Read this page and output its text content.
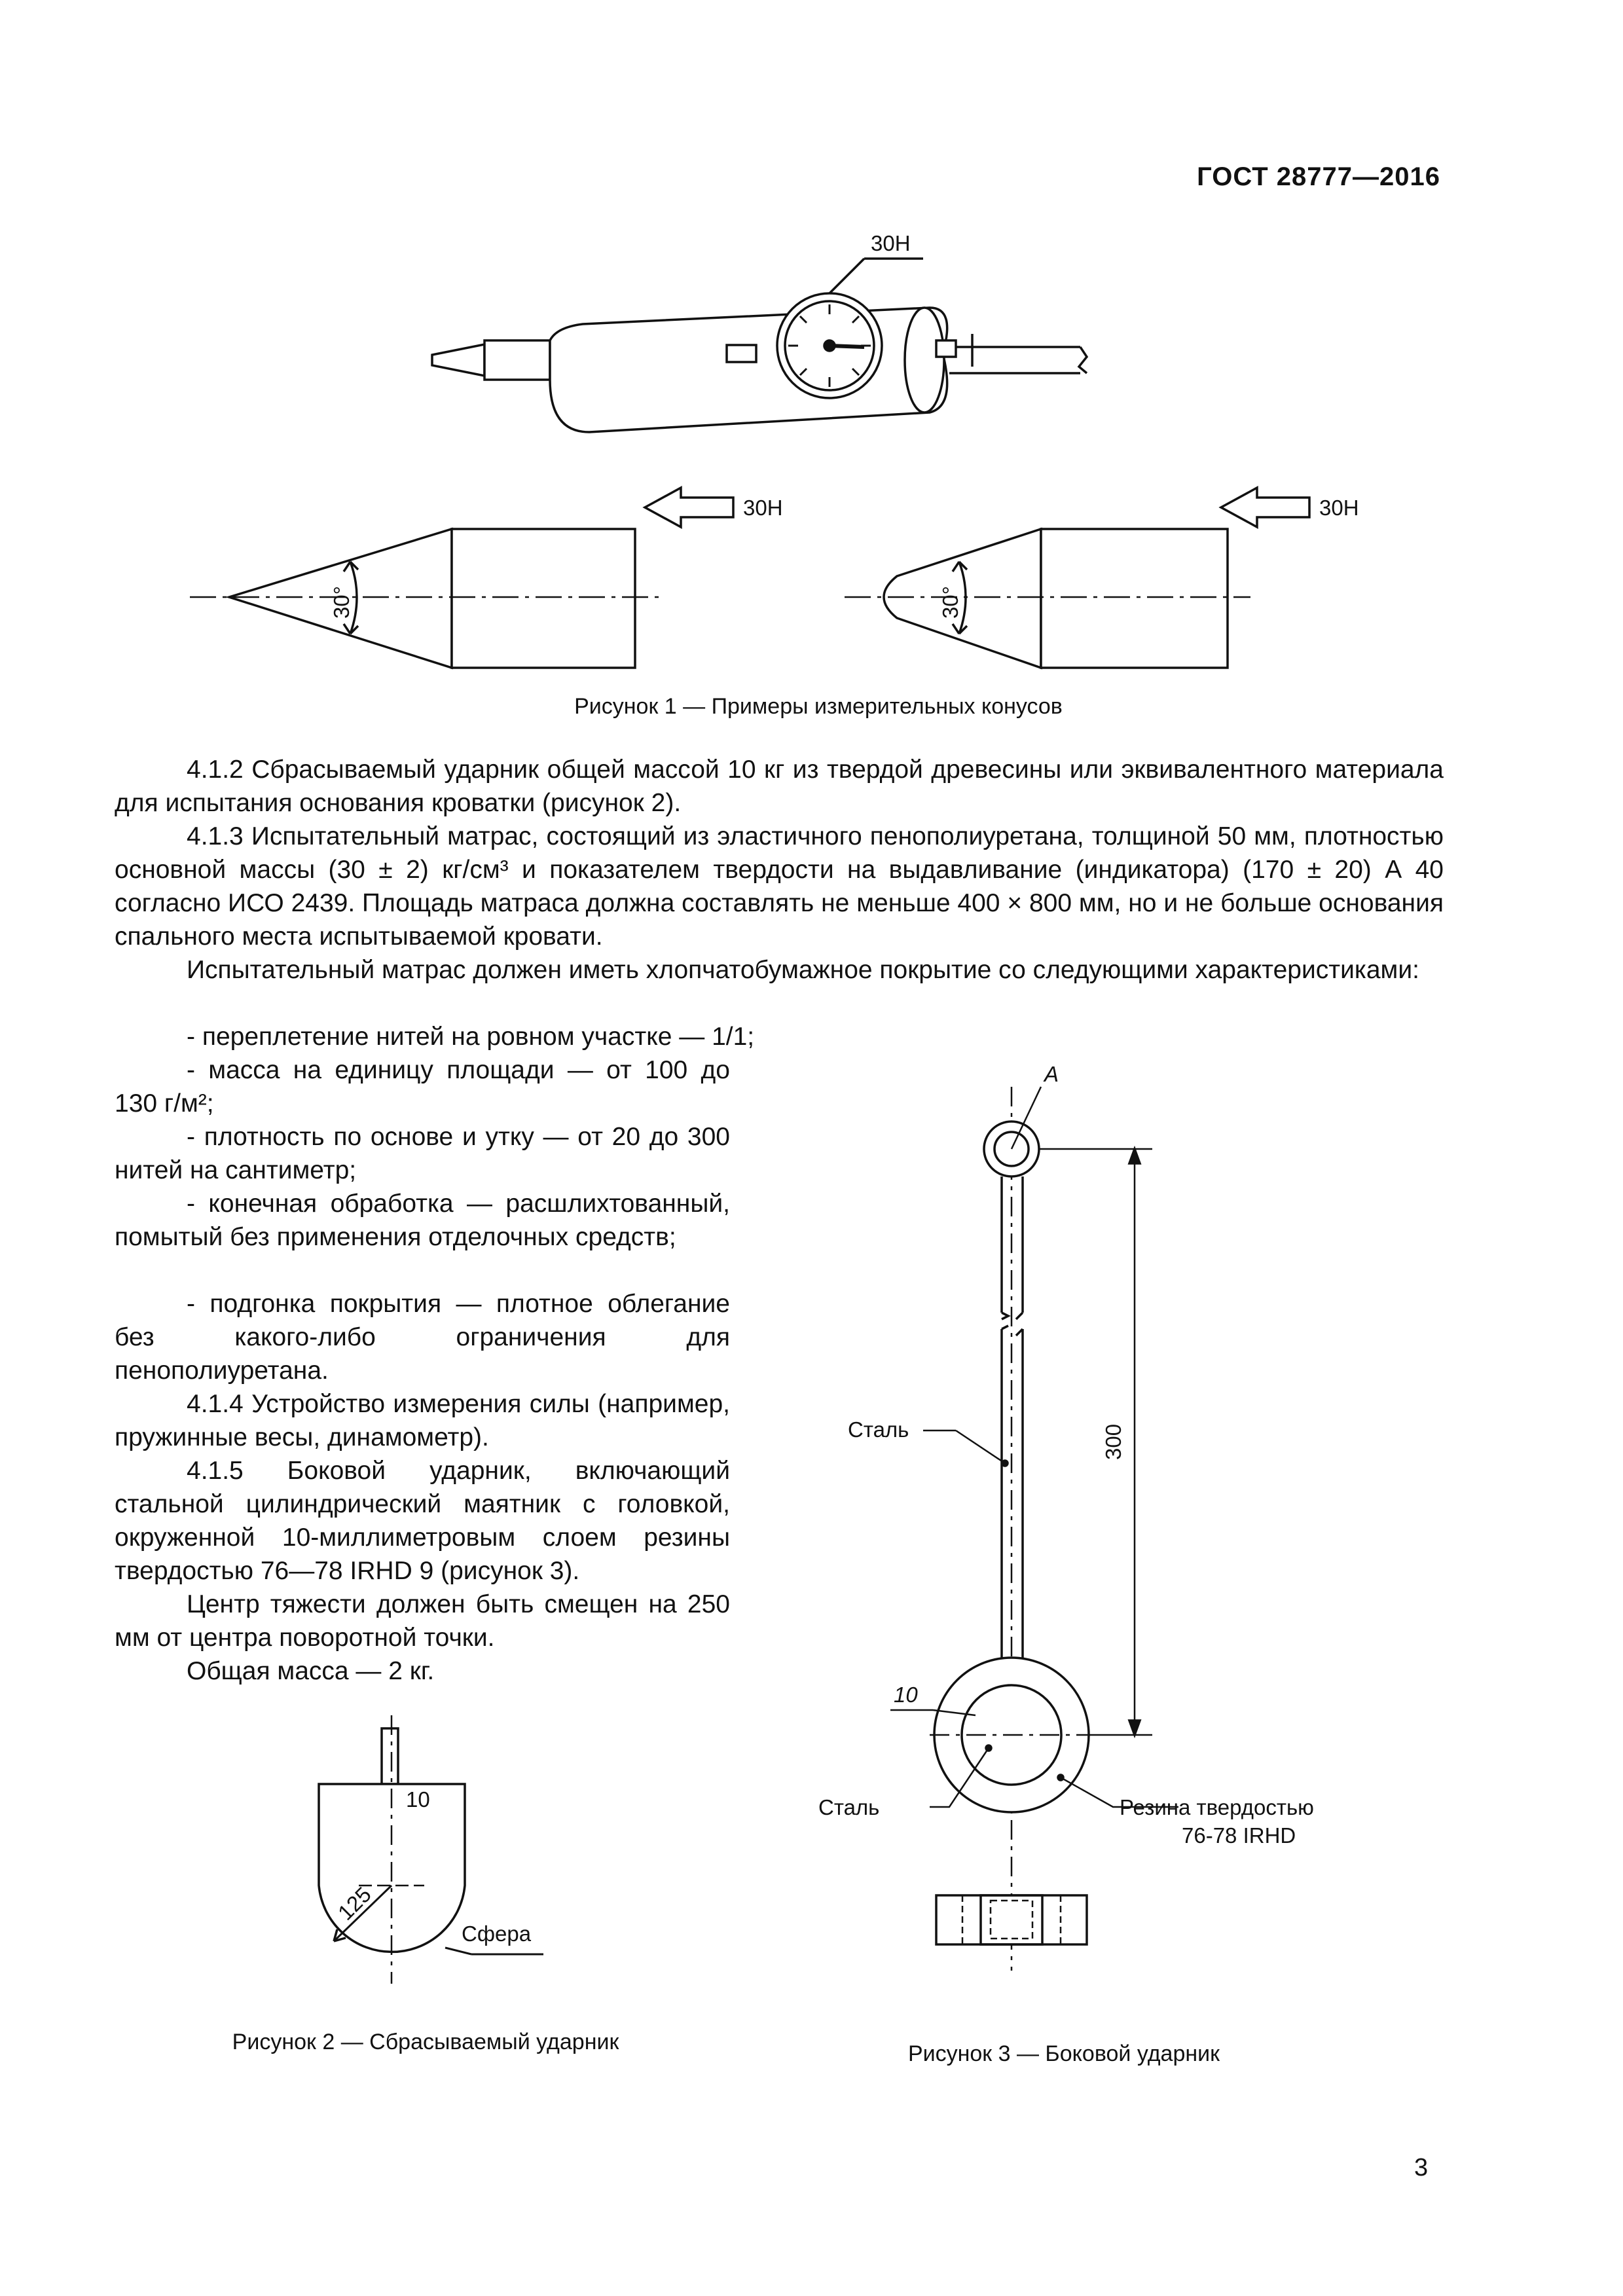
ГОСТ 28777—2016
30Н
30Н	30Н
30°	30°
Рисунок 1 — Примеры измерительных конусов
4.1.2 Сбрасываемый ударник общей массой 10 кг из твердой древесины или эквивалентного материала для испытания основания кроватки (рисунок 2).
4.1.3 Испытательный матрас, состоящий из эластичного пенополиуретана, толщиной 50 мм, плотностью основной массы (30 ± 2) кг/см³ и показателем твердости на выдавливание (индикатора) (170 ± 20) А 40 согласно ИСО 2439. Площадь матраса должна составлять не меньше 400 × 800 мм, но и не больше основания спального места испытываемой кровати.
Испытательный матрас должен иметь хлопчатобумажное покрытие со следующими характеристиками:
- переплетение нитей на ровном участке — 1/1;
- масса на единицу площади — от 100 до 130 г/м²;
- плотность по основе и утку — от 20 до 300 нитей на сантиметр;
- конечная обработка — расшлихтованный, помытый без применения отделочных средств;
- подгонка покрытия — плотное облегание без какого-либо ограничения для пенополиуретана.
4.1.4 Устройство измерения силы (например, пружинные весы, динамометр).
4.1.5 Боковой ударник, включающий стальной цилиндрический маятник с головкой, окруженной 10-миллиметровым слоем резины твердостью 76—78 IRHD 9 (рисунок 3).
Центр тяжести должен быть смещен на 250 мм от центра поворотной точки.
Общая масса — 2 кг.
10
125
Сфера
Рисунок 2 — Сбрасываемый ударник
А
Сталь	300
10
Сталь	Резина твердостью
76-78 IRHD
Рисунок 3 — Боковой ударник
3
